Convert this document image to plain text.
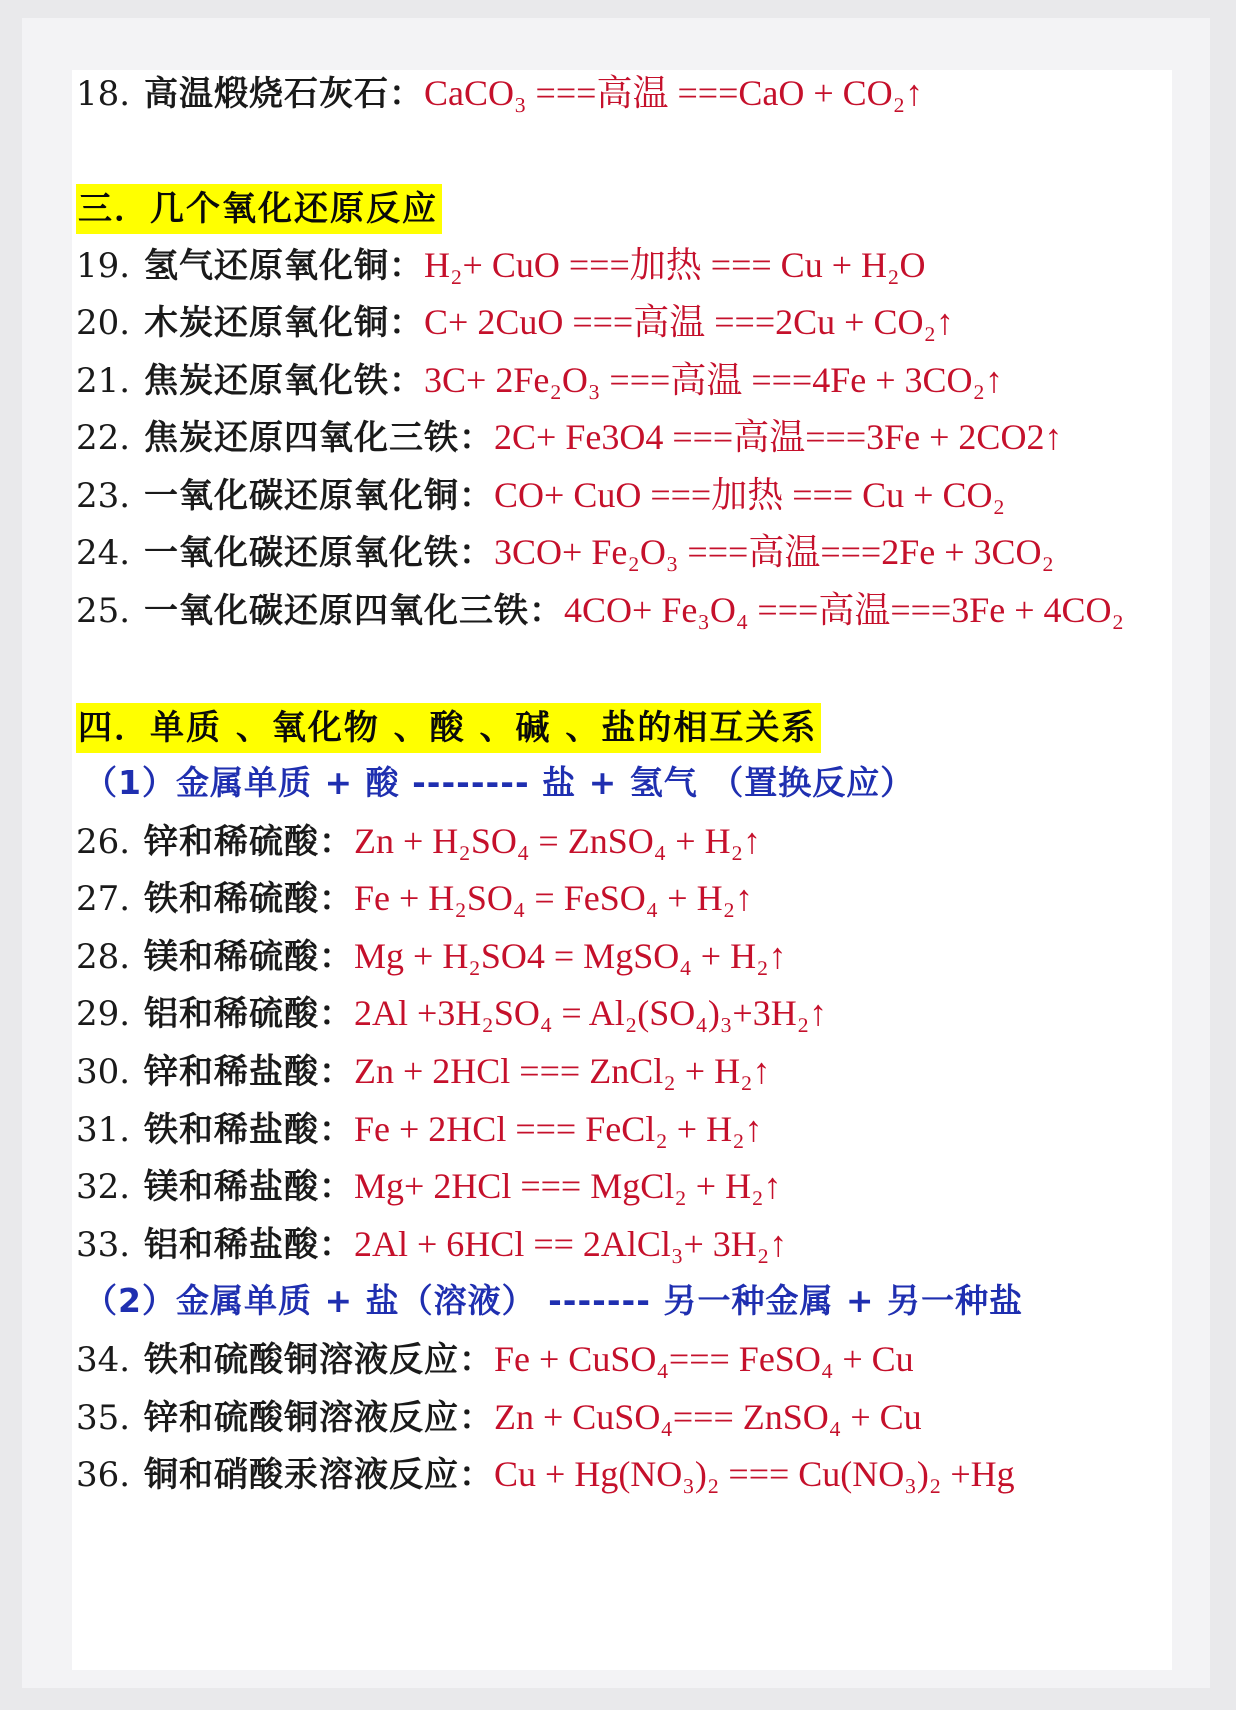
18. 高温煅烧石灰石：CaCO₃ ===高温 ===CaO + CO₂↑
三．几个氧化还原反应
19. 氢气还原氧化铜：H₂+ CuO ===加热 === Cu + H₂O
20. 木炭还原氧化铜：C+ 2CuO ===高温 ===2Cu + CO₂↑
21. 焦炭还原氧化铁：3C+ 2Fe₂O₃ ===高温 ===4Fe + 3CO₂↑
22. 焦炭还原四氧化三铁：2C+ Fe3O4 ===高温===3Fe + 2CO2↑
23. 一氧化碳还原氧化铜：CO+ CuO ===加热 === Cu + CO₂
24. 一氧化碳还原氧化铁：3CO+ Fe₂O₃ ===高温===2Fe + 3CO₂
25. 一氧化碳还原四氧化三铁：4CO+ Fe₃O₄ ===高温===3Fe + 4CO₂
四．单质 、氧化物 、酸 、碱 、盐的相互关系
（1）金属单质 + 酸 -------- 盐 + 氢气 （置换反应）
26. 锌和稀硫酸：Zn + H₂SO₄ = ZnSO₄ + H₂↑
27. 铁和稀硫酸：Fe + H₂SO₄ = FeSO₄ + H₂↑
28. 镁和稀硫酸：Mg + H₂SO4 = MgSO₄ + H₂↑
29. 铝和稀硫酸：2Al +3H₂SO₄ = Al₂(SO₄)₃+3H₂↑
30. 锌和稀盐酸：Zn + 2HCl === ZnCl₂ + H₂↑
31. 铁和稀盐酸：Fe + 2HCl === FeCl₂ + H₂↑
32. 镁和稀盐酸：Mg+ 2HCl === MgCl₂ + H₂↑
33. 铝和稀盐酸：2Al + 6HCl == 2AlCl₃+ 3H₂↑
（2）金属单质 + 盐（溶液） ------- 另一种金属 + 另一种盐
34. 铁和硫酸铜溶液反应：Fe + CuSO₄=== FeSO₄ + Cu
35. 锌和硫酸铜溶液反应：Zn + CuSO₄=== ZnSO₄ + Cu
36. 铜和硝酸汞溶液反应：Cu + Hg(NO₃)₂ === Cu(NO₃)₂ +Hg
